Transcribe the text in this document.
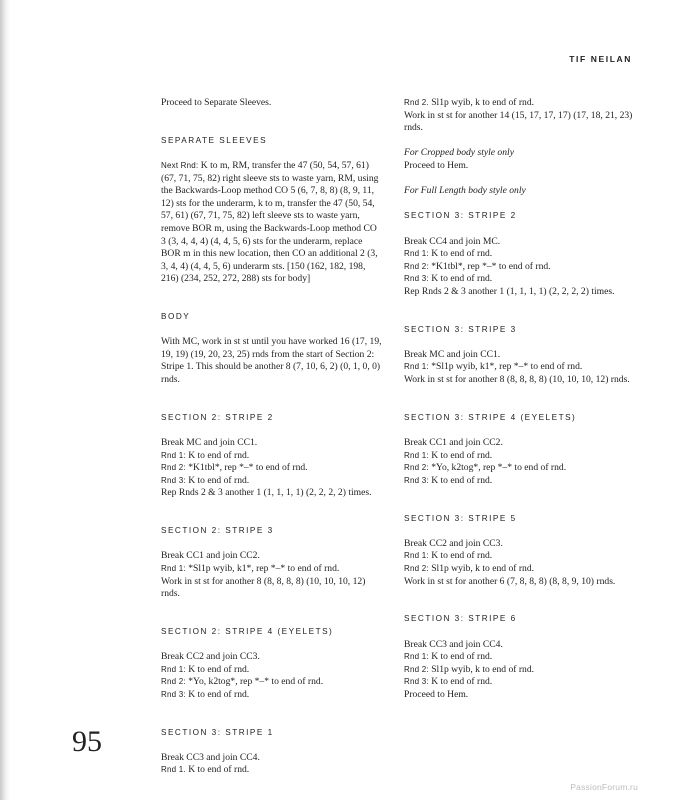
TIF NEILAN

Proceed to Separate Sleeves.

SEPARATE SLEEVES

Next Rnd: K to m, RM, transfer the 47 (50, 54, 57, 61) (67, 71, 75, 82) right sleeve sts to waste yarn, RM, using the Backwards-Loop method CO 5 (6, 7, 8, 8) (8, 9, 11, 12) sts for the underarm, k to m, transfer the 47 (50, 54, 57, 61) (67, 71, 75, 82) left sleeve sts to waste yarn, remove BOR m, using the Backwards-Loop method CO 3 (3, 4, 4, 4) (4, 4, 5, 6) sts for the underarm, replace BOR m in this new location, then CO an additional 2 (3, 3, 4, 4) (4, 4, 5, 6) underarm sts. [150 (162, 182, 198, 216) (234, 252, 272, 288) sts for body]

BODY

With MC, work in st st until you have worked 16 (17, 19, 19, 19) (19, 20, 23, 25) rnds from the start of Section 2: Stripe 1. This should be another 8 (7, 10, 6, 2) (0, 1, 0, 0) rnds.

SECTION 2: STRIPE 2

Break MC and join CC1.

Rnd 1: K to end of rnd.

Rnd 2: *K1tbl*, rep *–* to end of rnd.

Rnd 3: K to end of rnd.

Rep Rnds 2 & 3 another 1 (1, 1, 1, 1) (2, 2, 2, 2) times.

SECTION 2: STRIPE 3

Break CC1 and join CC2.

Rnd 1: *Sl1p wyib, k1*, rep *–* to end of rnd.

Work in st st for another 8 (8, 8, 8, 8) (10, 10, 10, 12) rnds.

SECTION 2: STRIPE 4 (EYELETS)

Break CC2 and join CC3.

Rnd 1: K to end of rnd.

Rnd 2: *Yo, k2tog*, rep *–* to end of rnd.

Rnd 3: K to end of rnd.

SECTION 3: STRIPE 1

Break CC3 and join CC4.

Rnd 1. K to end of rnd.

Rnd 2. Sl1p wyib, k to end of rnd.

Work in st st for another 14 (15, 17, 17, 17) (17, 18, 21, 23) rnds.

For Cropped body style only

Proceed to Hem.

For Full Length body style only

SECTION 3: STRIPE 2

Break CC4 and join MC.

Rnd 1: K to end of rnd.

Rnd 2: *K1tbl*, rep *–* to end of rnd.

Rnd 3: K to end of rnd.

Rep Rnds 2 & 3 another 1 (1, 1, 1, 1) (2, 2, 2, 2) times.

SECTION 3: STRIPE 3

Break MC and join CC1.

Rnd 1: *Sl1p wyib, k1*, rep *–* to end of rnd.

Work in st st for another 8 (8, 8, 8, 8) (10, 10, 10, 12) rnds.

SECTION 3: STRIPE 4 (EYELETS)

Break CC1 and join CC2.

Rnd 1: K to end of rnd.

Rnd 2: *Yo, k2tog*, rep *–* to end of rnd.

Rnd 3: K to end of rnd.

SECTION 3: STRIPE 5

Break CC2 and join CC3.

Rnd 1: K to end of rnd.

Rnd 2: Sl1p wyib, k to end of rnd.

Work in st st for another 6 (7, 8, 8, 8) (8, 8, 9, 10) rnds.

SECTION 3: STRIPE 6

Break CC3 and join CC4.

Rnd 1: K to end of rnd.

Rnd 2: Sl1p wyib, k to end of rnd.

Rnd 3: K to end of rnd.

Proceed to Hem.

95
PassionForum.ru
